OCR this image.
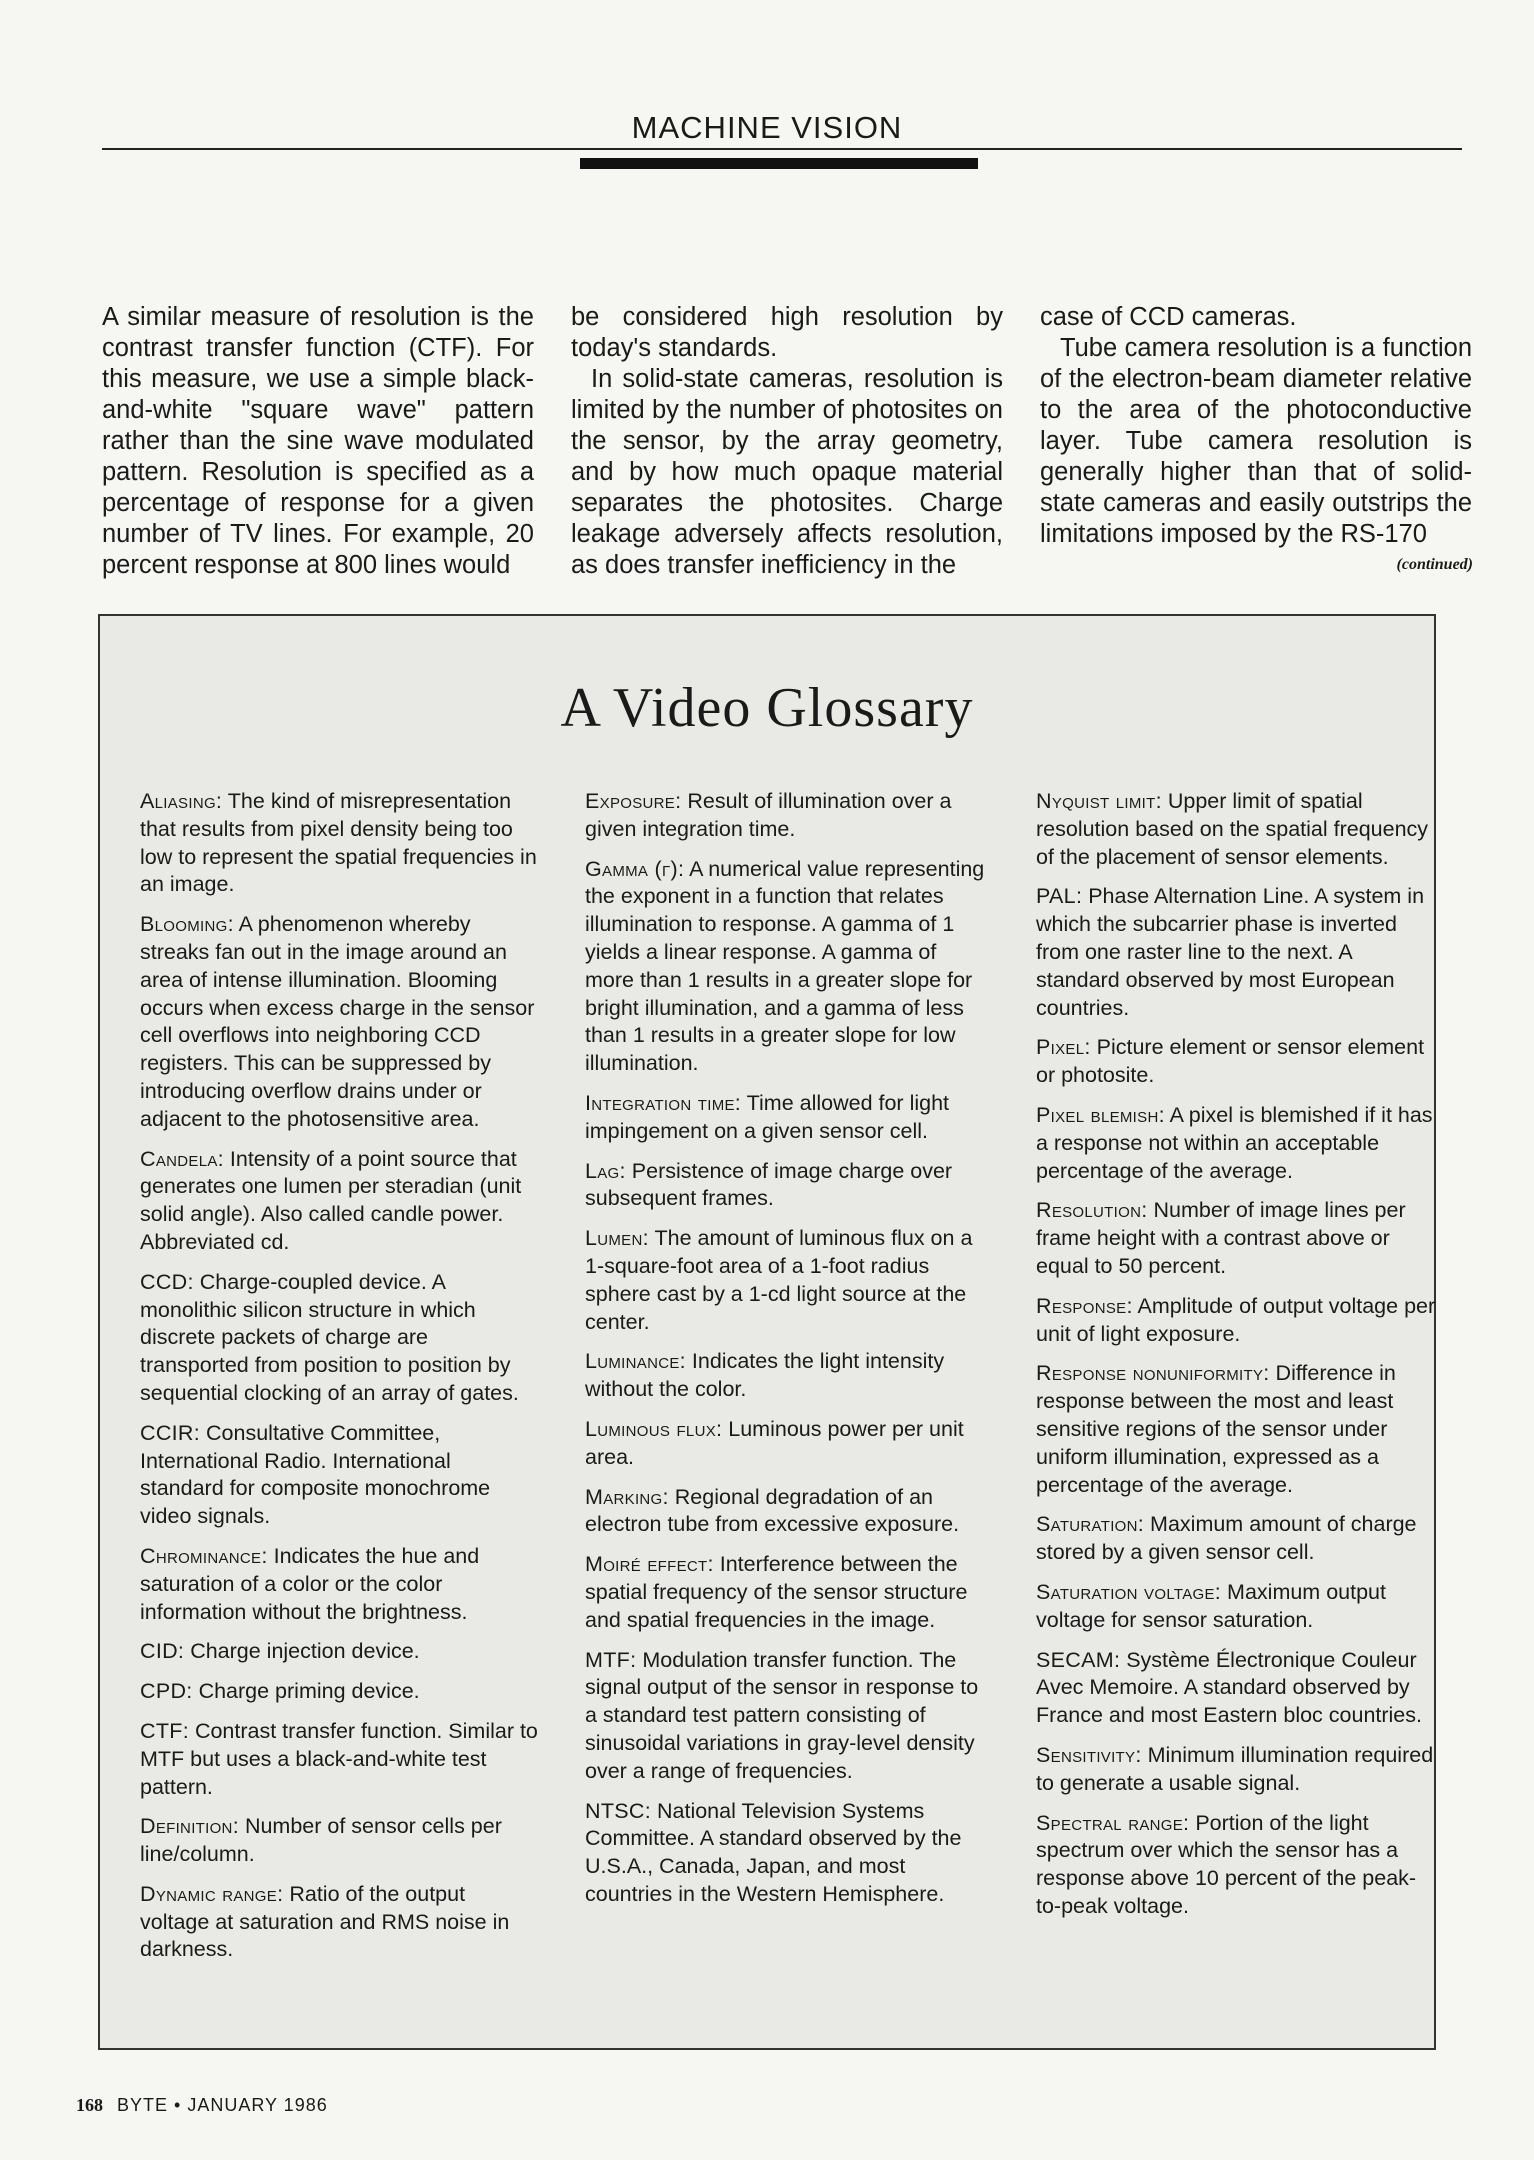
MACHINE VISION

A similar measure of resolution is the contrast transfer function (CTF). For this measure, we use a simple black-and-white "square wave" pattern rather than the sine wave modulated pattern. Resolution is specified as a percentage of response for a given number of TV lines. For example, 20 percent response at 800 lines would

be considered high resolution by today's standards.

In solid-state cameras, resolution is limited by the number of photosites on the sensor, by the array geometry, and by how much opaque material separates the photosites. Charge leakage adversely affects resolution, as does transfer inefficiency in the

case of CCD cameras.

Tube camera resolution is a function of the electron-beam diameter relative to the area of the photoconductive layer. Tube camera resolution is generally higher than that of solid-state cameras and easily outstrips the limitations imposed by the RS-170

(continued)
A Video Glossary

Aliasing: The kind of misrepresentation that results from pixel density being too low to represent the spatial frequencies in an image.

Blooming: A phenomenon whereby streaks fan out in the image around an area of intense illumination. Blooming occurs when excess charge in the sensor cell overflows into neighboring CCD registers. This can be suppressed by introducing overflow drains under or adjacent to the photosensitive area.

Candela: Intensity of a point source that generates one lumen per steradian (unit solid angle). Also called candle power. Abbreviated cd.

CCD: Charge-coupled device. A monolithic silicon structure in which discrete packets of charge are transported from position to position by sequential clocking of an array of gates.

CCIR: Consultative Committee, International Radio. International standard for composite monochrome video signals.

Chrominance: Indicates the hue and saturation of a color or the color information without the brightness.

CID: Charge injection device.

CPD: Charge priming device.

CTF: Contrast transfer function. Similar to MTF but uses a black-and-white test pattern.

Definition: Number of sensor cells per line/column.

Dynamic range: Ratio of the output voltage at saturation and RMS noise in darkness.

Exposure: Result of illumination over a given integration time.

Gamma (γ): A numerical value representing the exponent in a function that relates illumination to response. A gamma of 1 yields a linear response. A gamma of more than 1 results in a greater slope for bright illumination, and a gamma of less than 1 results in a greater slope for low illumination.

Integration time: Time allowed for light impingement on a given sensor cell.

Lag: Persistence of image charge over subsequent frames.

Lumen: The amount of luminous flux on a 1-square-foot area of a 1-foot radius sphere cast by a 1-cd light source at the center.

Luminance: Indicates the light intensity without the color.

Luminous flux: Luminous power per unit area.

Marking: Regional degradation of an electron tube from excessive exposure.

Moiré effect: Interference between the spatial frequency of the sensor structure and spatial frequencies in the image.

MTF: Modulation transfer function. The signal output of the sensor in response to a standard test pattern consisting of sinusoidal variations in gray-level density over a range of frequencies.

NTSC: National Television Systems Committee. A standard observed by the U.S.A., Canada, Japan, and most countries in the Western Hemisphere.

Nyquist limit: Upper limit of spatial resolution based on the spatial frequency of the placement of sensor elements.

PAL: Phase Alternation Line. A system in which the subcarrier phase is inverted from one raster line to the next. A standard observed by most European countries.

Pixel: Picture element or sensor element or photosite.

Pixel blemish: A pixel is blemished if it has a response not within an acceptable percentage of the average.

Resolution: Number of image lines per frame height with a contrast above or equal to 50 percent.

Response: Amplitude of output voltage per unit of light exposure.

Response nonuniformity: Difference in response between the most and least sensitive regions of the sensor under uniform illumination, expressed as a percentage of the average.

Saturation: Maximum amount of charge stored by a given sensor cell.

Saturation voltage: Maximum output voltage for sensor saturation.

SECAM: Système Électronique Couleur Avec Memoire. A standard observed by France and most Eastern bloc countries.

Sensitivity: Minimum illumination required to generate a usable signal.

Spectral range: Portion of the light spectrum over which the sensor has a response above 10 percent of the peak-to-peak voltage.

168 BYTE • JANUARY 1986
